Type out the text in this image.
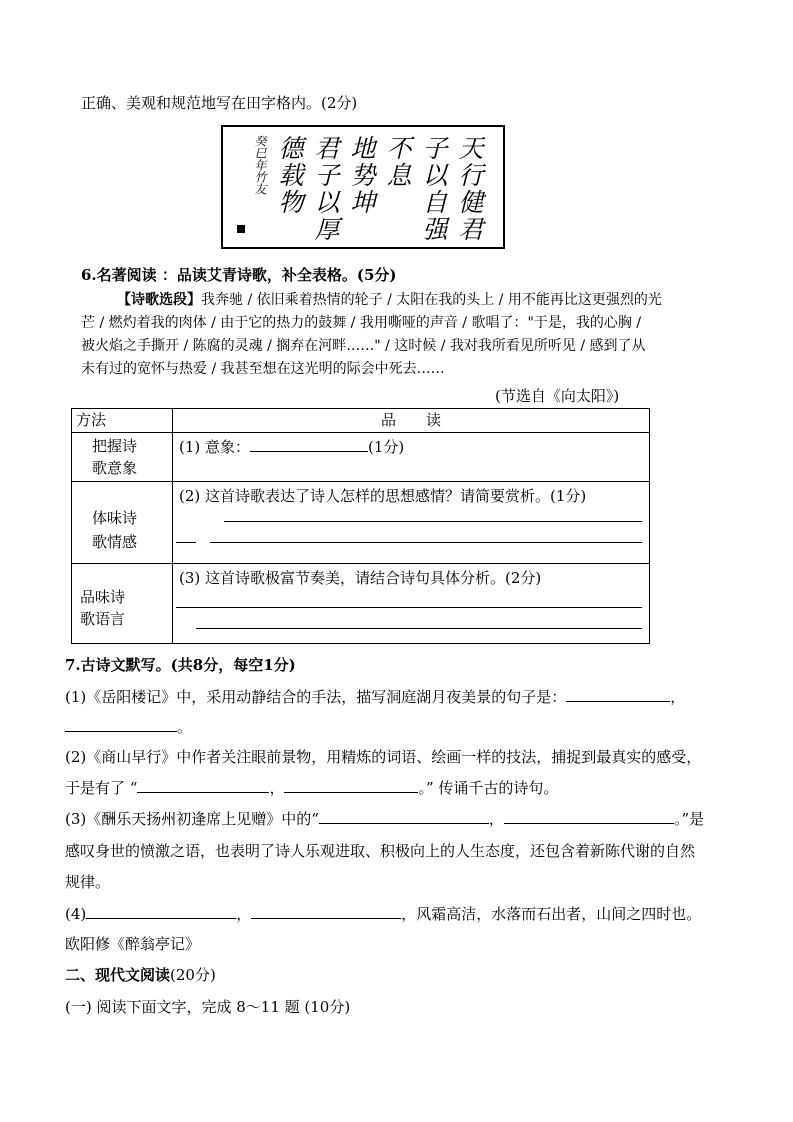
正确、美观和规范地写在田字格内。(2分)
天行健君
子以自强
不息
地势坤
君子以厚
德载物
癸巳年竹友
6.名著阅读 ：品读艾青诗歌，补全表格。(5分)
【诗歌选段】我奔驰 / 依旧乘着热情的轮子 / 太阳在我的头上 / 用不能再比这更强烈的光
芒 / 燃灼着我的肉体 / 由于它的热力的鼓舞 / 我用嘶哑的声音 / 歌唱了："于是，我的心胸 /
被火焰之手撕开 / 陈腐的灵魂 / 搁弃在河畔……" / 这时候 / 我对我所看见所听见 / 感到了从
未有过的宽怀与热爱 / 我甚至想在这光明的际会中死去……
(节选自《向太阳》)
方法	品　　读

把握诗
歌意象	(1) 意象： (1分)

体味诗
歌情感	(2) 这首诗歌表达了诗人怎样的思想感情？请简要赏析。(1分)

品味诗
歌语言	(3) 这首诗歌极富节奏美，请结合诗句具体分析。(2分)
7.古诗文默写。(共8分，每空1分)
(1)《岳阳楼记》中，采用动静结合的手法，描写洞庭湖月夜美景的句子是：	，
。
(2)《商山早行》中作者关注眼前景物，用精炼的词语、绘画一样的技法，捕捉到最真实的感受，
于是有了 “	，	。” 传诵千古的诗句。
(3)《酬乐天扬州初逢席上见赠》中的“	，	。”是
感叹身世的愤激之语，也表明了诗人乐观进取、积极向上的人生态度，还包含着新陈代谢的自然
规律。
(4)	，	，风霜高洁，水落而石出者，山间之四时也。
欧阳修《醉翁亭记》
二、现代文阅读(20分)
(一) 阅读下面文字，完成 8～11 题 (10分)
